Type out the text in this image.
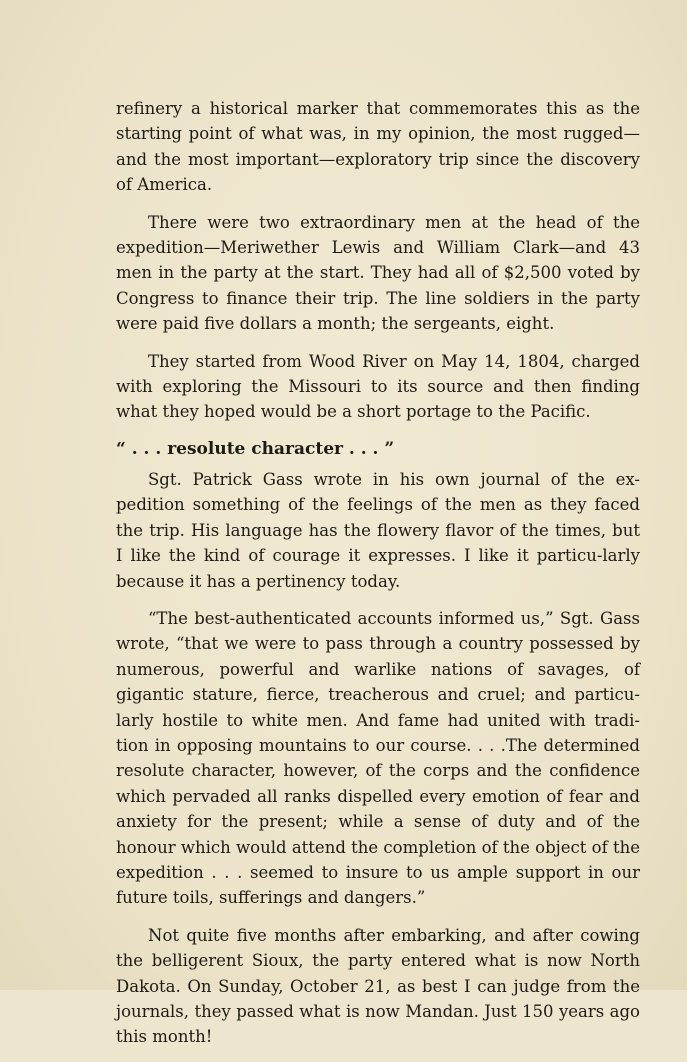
refinery a historical marker that commemorates this as the starting point of what was, in my opinion, the most rugged— and the most important—exploratory trip since the discovery of America.

There were two extraordinary men at the head of the expedition—Meriwether Lewis and William Clark—and 43 men in the party at the start. They had all of $2,500 voted by Congress to finance their trip. The line soldiers in the party were paid five dollars a month; the sergeants, eight.

They started from Wood River on May 14, 1804, charged with exploring the Missouri to its source and then finding what they hoped would be a short portage to the Pacific.

“ . . . resolute character . . . ”

Sgt. Patrick Gass wrote in his own journal of the ex-pedition something of the feelings of the men as they faced the trip. His language has the flowery flavor of the times, but I like the kind of courage it expresses. I like it particu-larly because it has a pertinency today.

“The best-authenticated accounts informed us,” Sgt. Gass wrote, “that we were to pass through a country possessed by numerous, powerful and warlike nations of savages, of gigantic stature, fierce, treacherous and cruel; and particu-larly hostile to white men. And fame had united with tradi-tion in opposing mountains to our course. . . .The determined resolute character, however, of the corps and the confidence which pervaded all ranks dispelled every emotion of fear and anxiety for the present; while a sense of duty and of the honour which would attend the completion of the object of the expedition . . . seemed to insure to us ample support in our future toils, sufferings and dangers.”

Not quite five months after embarking, and after cowing the belligerent Sioux, the party entered what is now North Dakota. On Sunday, October 21, as best I can judge from the journals, they passed what is now Mandan. Just 150 years ago this month!
